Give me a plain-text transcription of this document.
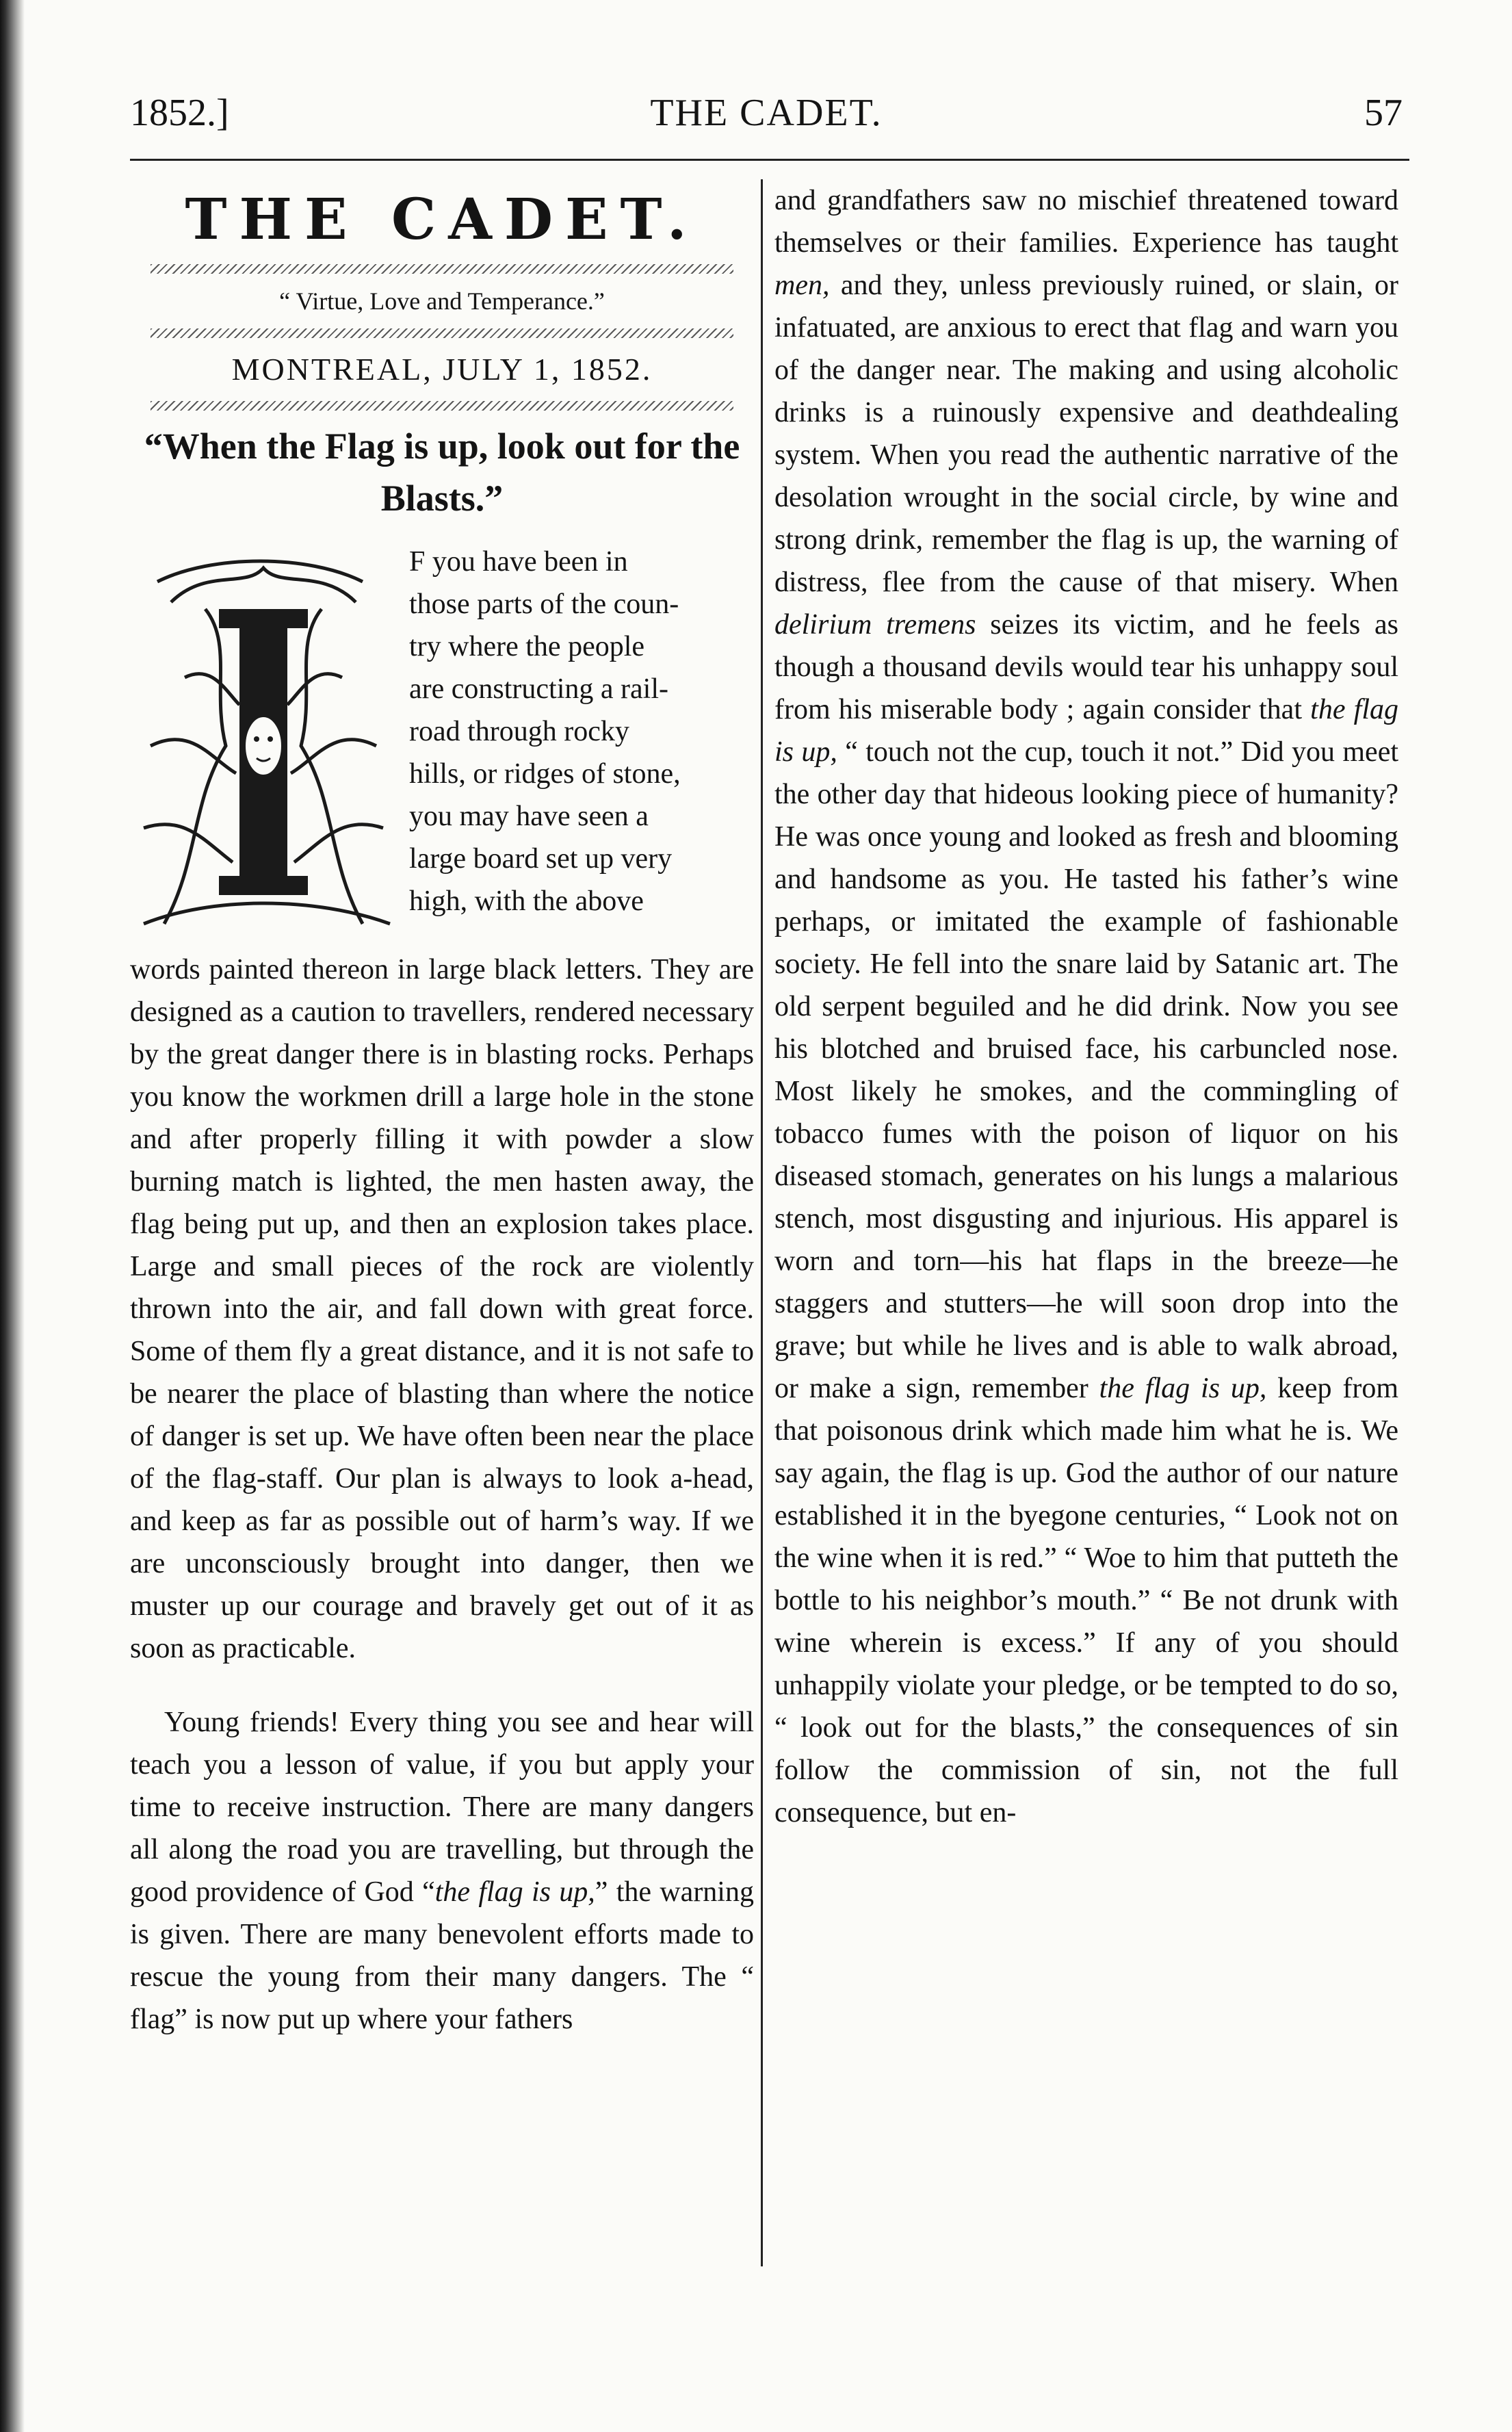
1852.]	THE CADET.	57
THE CADET.
“ Virtue, Love and Temperance.”
MONTREAL, JULY 1, 1852.
“When the Flag is up, look out for the Blasts.”

F you have been in

those parts of the coun-

try where the people

are constructing a rail-

road through rocky

hills, or ridges of stone,

you may have seen a

large board set up very

high, with the above

words painted thereon in large black letters. They are designed as a caution to travellers, rendered necessary by the great danger there is in blasting rocks. Perhaps you know the workmen drill a large hole in the stone and after properly filling it with powder a slow burning match is lighted, the men hasten away, the flag being put up, and then an explosion takes place. Large and small pieces of the rock are violently thrown into the air, and fall down with great force. Some of them fly a great distance, and it is not safe to be nearer the place of blasting than where the notice of danger is set up. We have often been near the place of the flag-staff. Our plan is always to look a-head, and keep as far as possible out of harm’s way. If we are unconsciously brought into danger, then we muster up our courage and bravely get out of it as soon as practicable.

Young friends! Every thing you see and hear will teach you a lesson of value, if you but apply your time to receive instruction. There are many dangers all along the road you are travelling, but through the good providence of God “the flag is up,” the warning is given. There are many benevolent efforts made to rescue the young from their many dangers. The “ flag” is now put up where your fathers

and grandfathers saw no mischief threatened toward themselves or their families. Experience has taught men, and they, unless previously ruined, or slain, or infatuated, are anxious to erect that flag and warn you of the danger near. The making and using alcoholic drinks is a ruinously expensive and deathdealing system. When you read the authentic narrative of the desolation wrought in the social circle, by wine and strong drink, remember the flag is up, the warning of distress, flee from the cause of that misery. When delirium tremens seizes its victim, and he feels as though a thousand devils would tear his unhappy soul from his miserable body ; again consider that the flag is up, “ touch not the cup, touch it not.” Did you meet the other day that hideous looking piece of humanity? He was once young and looked as fresh and blooming and handsome as you. He tasted his father’s wine perhaps, or imitated the example of fashionable society. He fell into the snare laid by Satanic art. The old serpent beguiled and he did drink. Now you see his blotched and bruised face, his carbuncled nose. Most likely he smokes, and the commingling of tobacco fumes with the poison of liquor on his diseased stomach, generates on his lungs a malarious stench, most disgusting and injurious. His apparel is worn and torn—his hat flaps in the breeze—he staggers and stutters—he will soon drop into the grave; but while he lives and is able to walk abroad, or make a sign, remember the flag is up, keep from that poisonous drink which made him what he is. We say again, the flag is up. God the author of our nature established it in the byegone centuries, “ Look not on the wine when it is red.” “ Woe to him that putteth the bottle to his neighbor’s mouth.” “ Be not drunk with wine wherein is excess.” If any of you should unhappily violate your pledge, or be tempted to do so, “ look out for the blasts,” the consequences of sin follow the commission of sin, not the full consequence, but en-
